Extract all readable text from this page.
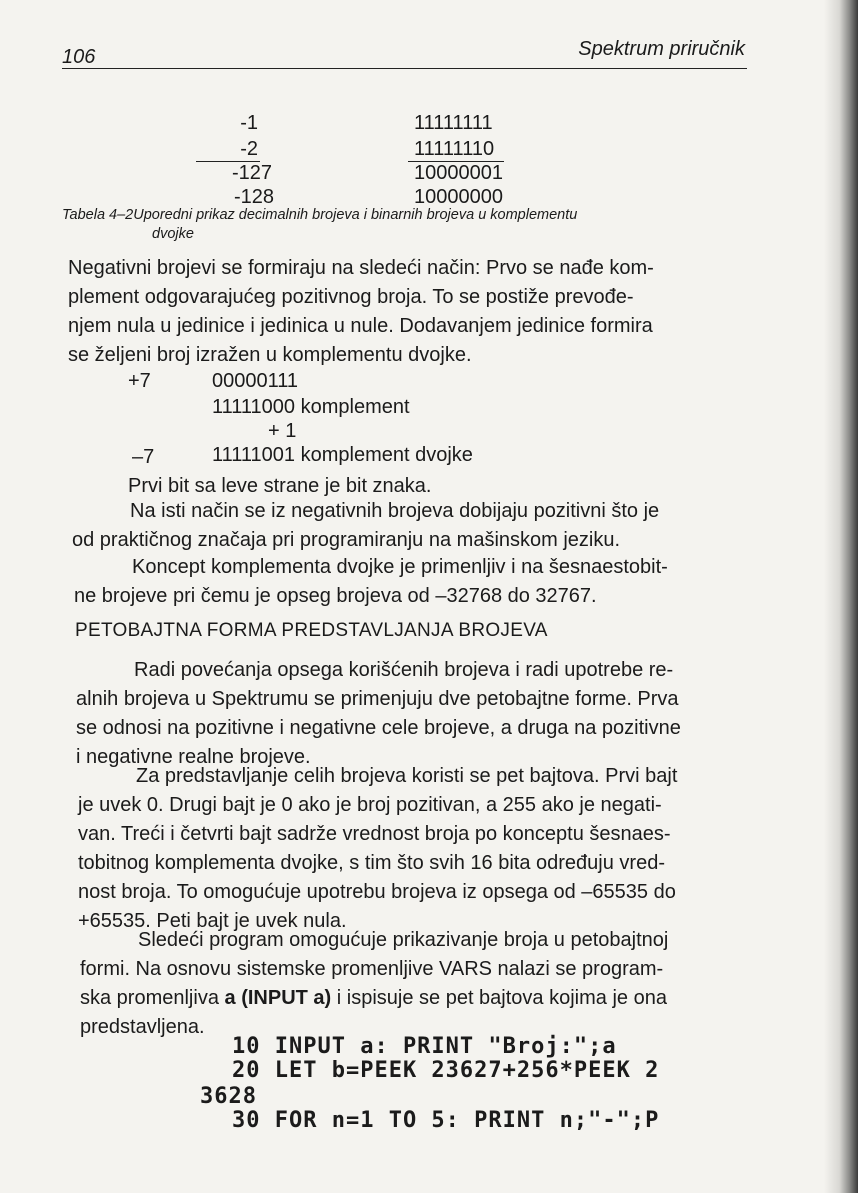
106	Spektrum priručnik
-1	11111111
-2	11111110
-127	10000001
-128	10000000
Tabela 4–2Uporedni prikaz decimalnih brojeva i binarnih brojeva u komplementu
dvojke
Negativni brojevi se formiraju na sledeći način: Prvo se nađe kom-
plement odgovarajućeg pozitivnog broja. To se postiže prevođe-
njem nula u jedinice i jedinica u nule. Dodavanjem jedinice formira
se željeni broj izražen u komplementu dvojke.
+7	00000111
11111000 komplement
+ 1
–7	11111001 komplement dvojke
Prvi bit sa leve strane je bit znaka.
Na isti način se iz negativnih brojeva dobijaju pozitivni što je
od praktičnog značaja pri programiranju na mašinskom jeziku.
Koncept komplementa dvojke je primenljiv i na šesnaestobit-
ne brojeve pri čemu je opseg brojeva od –32768 do 32767.
PETOBAJTNA FORMA PREDSTAVLJANJA BROJEVA
Radi povećanja opsega korišćenih brojeva i radi upotrebe re-
alnih brojeva u Spektrumu se primenjuju dve petobajtne forme. Prva
se odnosi na pozitivne i negativne cele brojeve, a druga na pozitivne
i negativne realne brojeve.
Za predstavljanje celih brojeva koristi se pet bajtova. Prvi bajt
je uvek 0. Drugi bajt je 0 ako je broj pozitivan, a 255 ako je negati-
van. Treći i četvrti bajt sadrže vrednost broja po konceptu šesnaes-
tobitnog komplementa dvojke, s tim što svih 16 bita određuju vred-
nost broja. To omogućuje upotrebu brojeva iz opsega od –65535 do
+65535. Peti bajt je uvek nula.
Sledeći program omogućuje prikazivanje broja u petobajtnoj
formi. Na osnovu sistemske promenljive VARS nalazi se program-
ska promenljiva a (INPUT a) i ispisuje se pet bajtova kojima je ona
predstavljena.
10 INPUT a: PRINT "Broj:";a
20 LET b=PEEK 23627+256*PEEK 2
3628
30 FOR n=1 TO 5: PRINT n;"-";P
